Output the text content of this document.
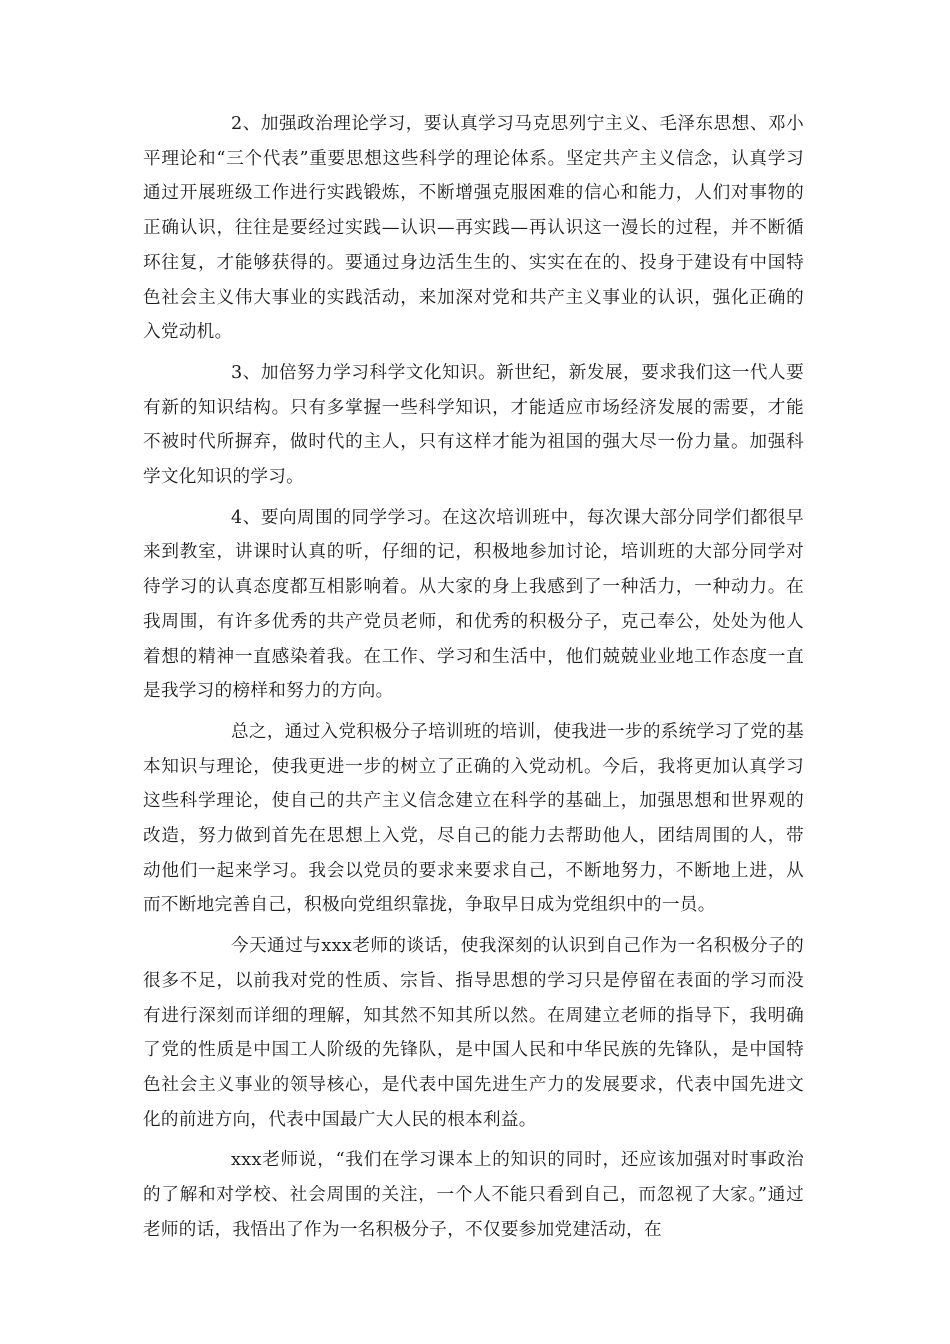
2、加强政治理论学习，要认真学习马克思列宁主义、毛泽东思想、邓小平理论和“三个代表”重要思想这些科学的理论体系。坚定共产主义信念，认真学习通过开展班级工作进行实践锻炼，不断增强克服困难的信心和能力，人们对事物的正确认识，往往是要经过实践—认识—再实践—再认识这一漫长的过程，并不断循环往复，才能够获得的。要通过身边活生生的、实实在在的、投身于建设有中国特色社会主义伟大事业的实践活动，来加深对党和共产主义事业的认识，强化正确的入党动机。

3、加倍努力学习科学文化知识。新世纪，新发展，要求我们这一代人要有新的知识结构。只有多掌握一些科学知识，才能适应市场经济发展的需要，才能不被时代所摒弃，做时代的主人，只有这样才能为祖国的强大尽一份力量。加强科学文化知识的学习。

4、要向周围的同学学习。在这次培训班中，每次课大部分同学们都很早来到教室，讲课时认真的听，仔细的记，积极地参加讨论，培训班的大部分同学对待学习的认真态度都互相影响着。从大家的身上我感到了一种活力，一种动力。在我周围，有许多优秀的共产党员老师，和优秀的积极分子，克己奉公，处处为他人着想的精神一直感染着我。在工作、学习和生活中，他们兢兢业业地工作态度一直是我学习的榜样和努力的方向。

总之，通过入党积极分子培训班的培训，使我进一步的系统学习了党的基本知识与理论，使我更进一步的树立了正确的入党动机。今后，我将更加认真学习这些科学理论，使自己的共产主义信念建立在科学的基础上，加强思想和世界观的改造，努力做到首先在思想上入党，尽自己的能力去帮助他人，团结周围的人，带动他们一起来学习。我会以党员的要求来要求自己，不断地努力，不断地上进，从而不断地完善自己，积极向党组织靠拢，争取早日成为党组织中的一员。

今天通过与xxx老师的谈话，使我深刻的认识到自己作为一名积极分子的很多不足，以前我对党的性质、宗旨、指导思想的学习只是停留在表面的学习而没有进行深刻而详细的理解，知其然不知其所以然。在周建立老师的指导下，我明确了党的性质是中国工人阶级的先锋队，是中国人民和中华民族的先锋队，是中国特色社会主义事业的领导核心，是代表中国先进生产力的发展要求，代表中国先进文化的前进方向，代表中国最广大人民的根本利益。

xxx老师说，“我们在学习课本上的知识的同时，还应该加强对时事政治的了解和对学校、社会周围的关注，一个人不能只看到自己，而忽视了大家。”通过老师的话，我悟出了作为一名积极分子，不仅要参加党建活动，在
